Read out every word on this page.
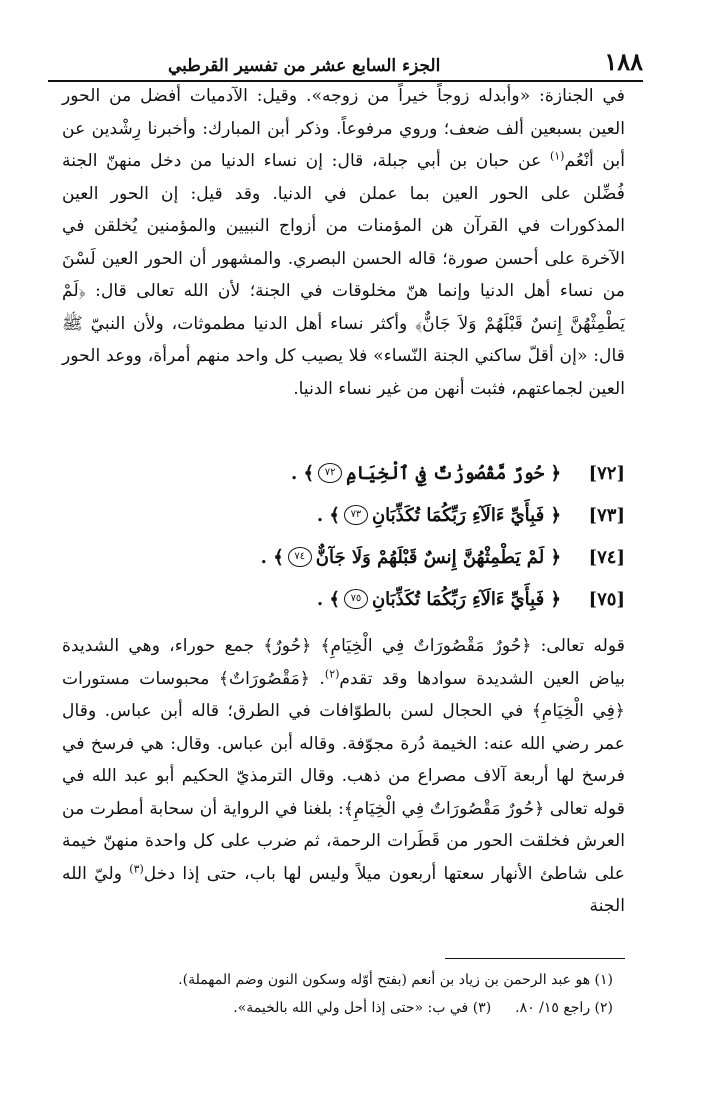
١٨٨
الجزء السابع عشر من تفسير القرطبي

في الجنازة: «وأبدله زوجاً خيراً من زوجه». وقيل: الآدميات أفضل من الحور العين بسبعين ألف ضعف؛ وروي مرفوعاً. وذكر أبن المبارك: وأخبرنا رِشْدين عن أبن أنْعُم$^{(١)}$ عن حبان بن أبي جبلة، قال: إن نساء الدنيا من دخل منهنّ الجنة فُضِّلن على الحور العين بما عملن في الدنيا. وقد قيل: إن الحور العين المذكورات في القرآن هن المؤمنات من أزواج النبيين والمؤمنين يُخلقن في الآخرة على أحسن صورة؛ قاله الحسن البصري. والمشهور أن الحور العين لَسْنَ من نساء أهل الدنيا وإنما هنّ مخلوقات في الجنة؛ لأن الله تعالى قال: ﴿لَمْ يَطْمِثْهُنَّ إِنسٌ قَبْلَهُمْ وَلاَ جَانٌّ﴾ وأكثر نساء أهل الدنيا مطموثات، ولأن النبيّ ﷺ قال: «إن أقلّ ساكني الجنة النّساء» فلا يصيب كل واحد منهم أمرأة، ووعد الحور العين لجماعتهم، فثبت أنهن من غير نساء الدنيا.

[٧٢]
﴿ حُورٌ مَّقْصُورَٰتٌ فِي ٱلْخِيَامِ
٧٢
﴾ .
[٧٣]
﴿ فَبِأَيِّ ءَالَآءِ رَبِّكُمَا تُكَذِّبَانِ
٧٣
﴾ .
[٧٤]
﴿ لَمْ يَطْمِثْهُنَّ إِنسٌ قَبْلَهُمْ وَلَا جَآنٌّ
٧٤
﴾ .
[٧٥]
﴿ فَبِأَيِّ ءَالَآءِ رَبِّكُمَا تُكَذِّبَانِ
٧٥
﴾ .

قوله تعالى: ﴿حُورٌ مَقْصُورَاتٌ فِي الْخِيَامِ﴾ ﴿حُورٌ﴾ جمع حوراء، وهي الشديدة بياض العين الشديدة سوادها وقد تقدم$^{(٢)}$. ﴿مَقْصُورَاتٌ﴾ محبوسات مستورات ﴿فِي الْخِيَامِ﴾ في الحجال لسن بالطوّافات في الطرق؛ قاله أبن عباس. وقال عمر رضي الله عنه: الخيمة دُرة مجوّفة. وقاله أبن عباس. وقال: هي فرسخ في فرسخ لها أربعة آلاف مصراع من ذهب. وقال الترمذيّ الحكيم أبو عبد الله في قوله تعالى ﴿حُورٌ مَقْصُورَاتٌ فِي الْخِيَامِ﴾: بلغنا في الرواية أن سحابة أمطرت من العرش فخلقت الحور من قَطَرات الرحمة، ثم ضرب على كل واحدة منهنّ خيمة على شاطئ الأنهار سعتها أربعون ميلاً وليس لها باب، حتى إذا دخل$^{(٣)}$ وليّ الله الجنة

(١) هو عبد الرحمن بن زياد بن أنعم (بفتح أوّله وسكون النون وضم المهملة).

(٢) راجع ١٥/ ٨٠.(٣) في ب: «حتى إذا أحل ولي الله بالخيمة».
